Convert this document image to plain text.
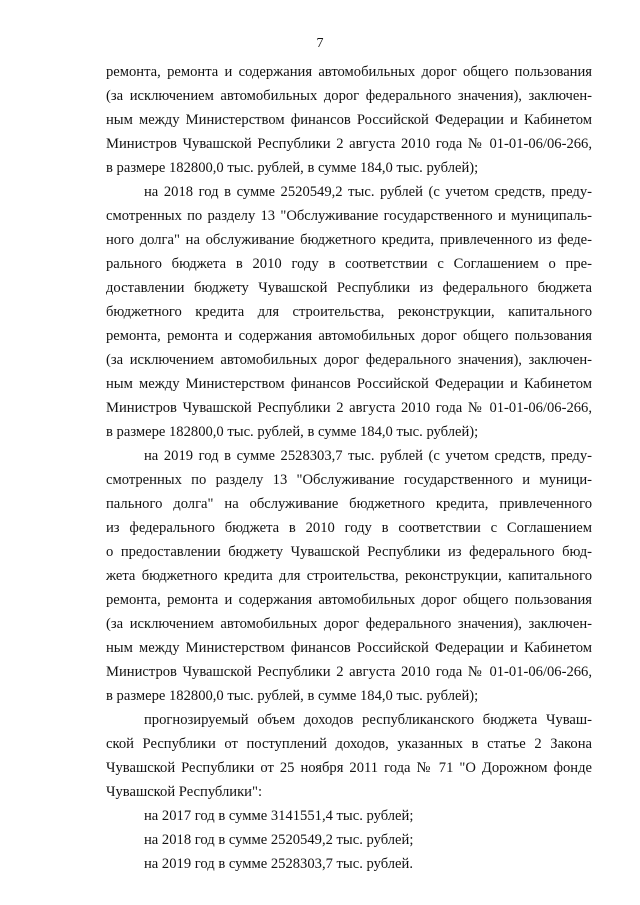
7
ремонта, ремонта и содержания автомобильных дорог общего пользования
(за исключением автомобильных дорог федерального значения), заключен-
ным между Министерством финансов Российской Федерации и Кабинетом
Министров Чувашской Республики 2 августа 2010 года № 01-01-06/06-266,
в размере 182800,0 тыс. рублей, в сумме 184,0 тыс. рублей);
на 2018 год в сумме 2520549,2 тыс. рублей (с учетом средств, преду-
смотренных по разделу 13 "Обслуживание государственного и муниципаль-
ного долга" на обслуживание бюджетного кредита, привлеченного из феде-
рального бюджета в 2010 году в соответствии с Соглашением о пре-
доставлении бюджету Чувашской Республики из федерального бюджета
бюджетного кредита для строительства, реконструкции, капитального
ремонта, ремонта и содержания автомобильных дорог общего пользования
(за исключением автомобильных дорог федерального значения), заключен-
ным между Министерством финансов Российской Федерации и Кабинетом
Министров Чувашской Республики 2 августа 2010 года № 01-01-06/06-266,
в размере 182800,0 тыс. рублей, в сумме 184,0 тыс. рублей);
на 2019 год в сумме 2528303,7 тыс. рублей (с учетом средств, преду-
смотренных по разделу 13 "Обслуживание государственного и муници-
пального долга" на обслуживание бюджетного кредита, привлеченного
из федерального бюджета в 2010 году в соответствии с Соглашением
о предоставлении бюджету Чувашской Республики из федерального бюд-
жета бюджетного кредита для строительства, реконструкции, капитального
ремонта, ремонта и содержания автомобильных дорог общего пользования
(за исключением автомобильных дорог федерального значения), заключен-
ным между Министерством финансов Российской Федерации и Кабинетом
Министров Чувашской Республики 2 августа 2010 года № 01-01-06/06-266,
в размере 182800,0 тыс. рублей, в сумме 184,0 тыс. рублей);
прогнозируемый объем доходов республиканского бюджета Чуваш-
ской Республики от поступлений доходов, указанных в статье 2 Закона
Чувашской Республики от 25 ноября 2011 года № 71 "О Дорожном фонде
Чувашской Республики":
на 2017 год в сумме 3141551,4 тыс. рублей;
на 2018 год в сумме 2520549,2 тыс. рублей;
на 2019 год в сумме 2528303,7 тыс. рублей.
